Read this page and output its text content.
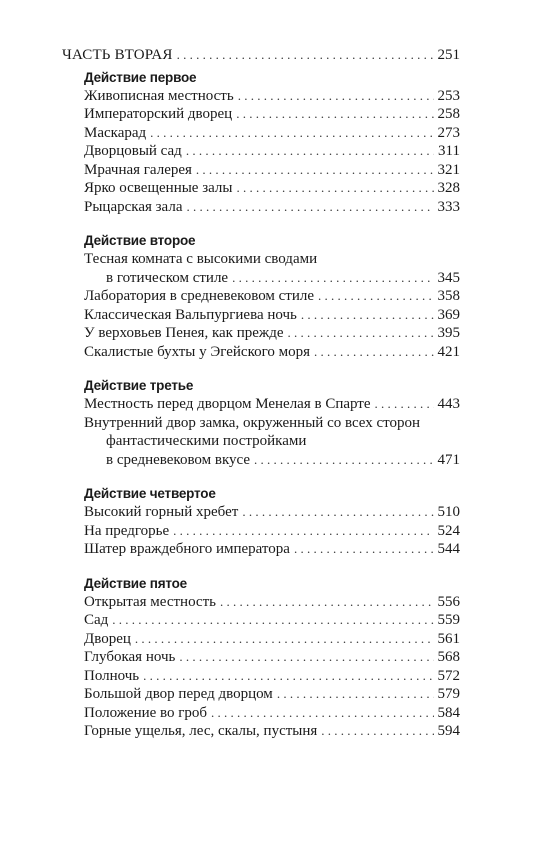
ЧАСТЬ ВТОРАЯ . . .	251
Действие первое
Живописная местность . . .	253
Императорский дворец . . .	258
Маскарад . . .	273
Дворцовый сад . . .	311
Мрачная галерея . . .	321
Ярко освещенные залы . . .	328
Рыцарская зала . . .	333
Действие второе
Тесная комната с высокими сводами
в готическом стиле . . .	345
Лаборатория в средневековом стиле . . .	358
Классическая Вальпургиева ночь . . .	369
У верховьев Пенея, как прежде . . .	395
Скалистые бухты у Эгейского моря . . .	421
Действие третье
Местность перед дворцом Менелая в Спарте . . .	443
Внутренний двор замка, окруженный со всех сторон
фантастическими постройками
в средневековом вкусе . . .	471
Действие четвертое
Высокий горный хребет . . .	510
На предгорье . . .	524
Шатер враждебного императора . . .	544
Действие пятое
Открытая местность . . .	556
Сад . . .	559
Дворец . . .	561
Глубокая ночь . . .	568
Полночь . . .	572
Большой двор перед дворцом . . .	579
Положение во гроб . . .	584
Горные ущелья, лес, скалы, пустыня . . .	594
